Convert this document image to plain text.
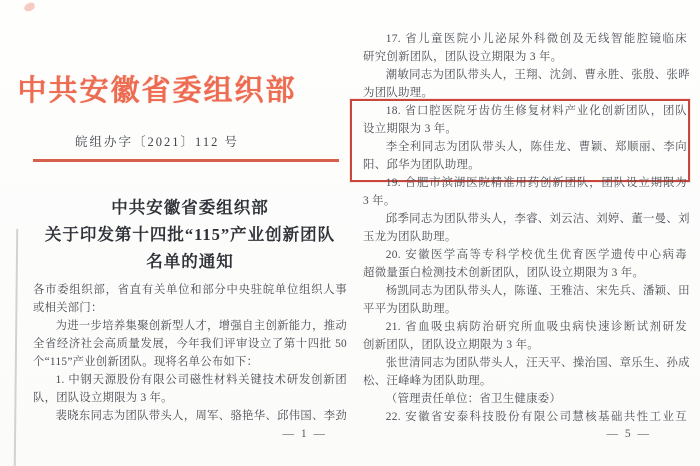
中共安徽省委组织部
皖组办字〔2021〕112 号
中共安徽省委组织部
关于印发第十四批“115”产业创新团队
名单的通知
各市委组织部，省直有关单位和部分中央驻皖单位组织人事
或相关部门：
为进一步培养集聚创新型人才，增强自主创新能力，推动
全省经济社会高质量发展，今年我们评审设立了第十四批 50
个“115”产业创新团队。现将名单公布如下：
1. 中钢天源股份有限公司磁性材料关键技术研发创新团
队，团队设立期限为 3 年。
裴晓东同志为团队带头人，周军、骆艳华、邱伟国、李劲
— 1 —
17. 省儿童医院小儿泌尿外科微创及无线智能腔镜临床
研究创新团队，团队设立期限为 3 年。
潮敏同志为团队带头人，王翔、沈剑、曹永胜、张殷、张晔
为团队助理。
18. 省口腔医院牙齿仿生修复材料产业化创新团队，团队
设立期限为 3 年。
李全利同志为团队带头人，陈佳龙、曹颖、郑顺丽、李向
阳、邱华为团队助理。
19. 合肥市滨湖医院精准用药创新团队，团队设立期限为
3 年。
邱季同志为团队带头人，李睿、刘云洁、刘婷、董一曼、刘
玉龙为团队助理。
20. 安徽医学高等专科学校优生优育医学遗传中心病毒
超微量蛋白检测技术创新团队，团队设立期限为 3 年。
杨凯同志为团队带头人，陈谨、王雅洁、宋先兵、潘颖、田
平平为团队助理。
21. 省血吸虫病防治研究所血吸虫病快速诊断试剂研发
创新团队，团队设立期限为 3 年。
张世清同志为团队带头人，汪天平、操治国、章乐生、孙成
松、汪峰峰为团队助理。
（管理责任单位：省卫生健康委）
22. 安徽省安泰科技股份有限公司慧核基础共性工业互
— 5 —
